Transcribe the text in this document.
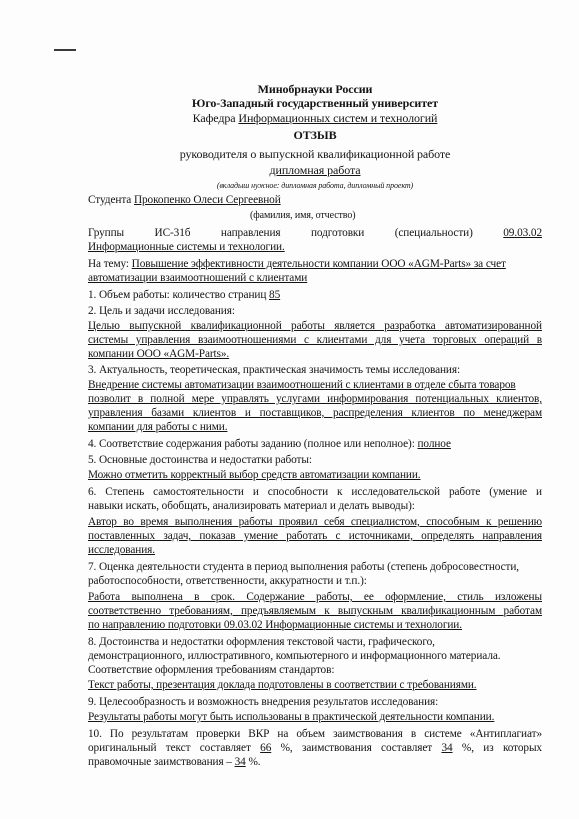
Минобрнауки России
Юго-Западный государственный университет
Кафедра Информационных систем и технологий
ОТЗЫВ
руководителя о выпускной квалификационной работе
дипломная работа
(вкладыш нужное: дипломная работа, дипломный проект)
Студента Прокопенко Олеси Сергеевной
(фамилия, имя, отчество)
Группы	ИС-31б	направления	подготовки	(специальности)	09.03.02
Информационные системы и технологии.
На тему: Повышение эффективности деятельности компании ООО «AGM-Parts» за счет
автоматизации взаимоотношений с клиентами
1. Объем работы: количество страниц 85
2. Цель и задачи исследования:
Целью выпускной квалификационной работы является разработка автоматизированной
системы управления взаимоотношениями с клиентами для учета торговых операций в
компании ООО «AGM-Parts».
3. Актуальность, теоретическая, практическая значимость темы исследования:
Внедрение системы автоматизации взаимоотношений с клиентами в отделе сбыта товаров
позволит в полной мере управлять услугами информирования потенциальных клиентов,
управления базами клиентов и поставщиков, распределения клиентов по менеджерам
компании для работы с ними.
4. Соответствие содержания работы заданию (полное или неполное): полное
5. Основные достоинства и недостатки работы:
Можно отметить корректный выбор средств автоматизации компании.
6. Степень самостоятельности и способности к исследовательской работе (умение и
навыки искать, обобщать, анализировать материал и делать выводы):
Автор во время выполнения работы проявил себя специалистом, способным к решению
поставленных задач, показав умение работать с источниками, определять направления
исследования.
7. Оценка деятельности студента в период выполнения работы (степень добросовестности,
работоспособности, ответственности, аккуратности и т.п.):
Работа выполнена в срок. Содержание работы, ее оформление, стиль изложены
соответственно требованиям, предъявляемым к выпускным квалификационным работам
по направлению подготовки 09.03.02 Информационные системы и технологии.
8. Достоинства и недостатки оформления текстовой части, графического,
демонстрационного, иллюстративного, компьютерного и информационного материала.
Соответствие оформления требованиям стандартов:
Текст работы, презентация доклада подготовлены в соответствии с требованиями.
9. Целесообразность и возможность внедрения результатов исследования:
Результаты работы могут быть использованы в практической деятельности компании.
10. По результатам проверки ВКР на объем заимствования в системе «Антиплагиат»
оригинальный текст составляет 66 %, заимствования составляет 34 %, из которых
правомочные заимствования – 34 %.
